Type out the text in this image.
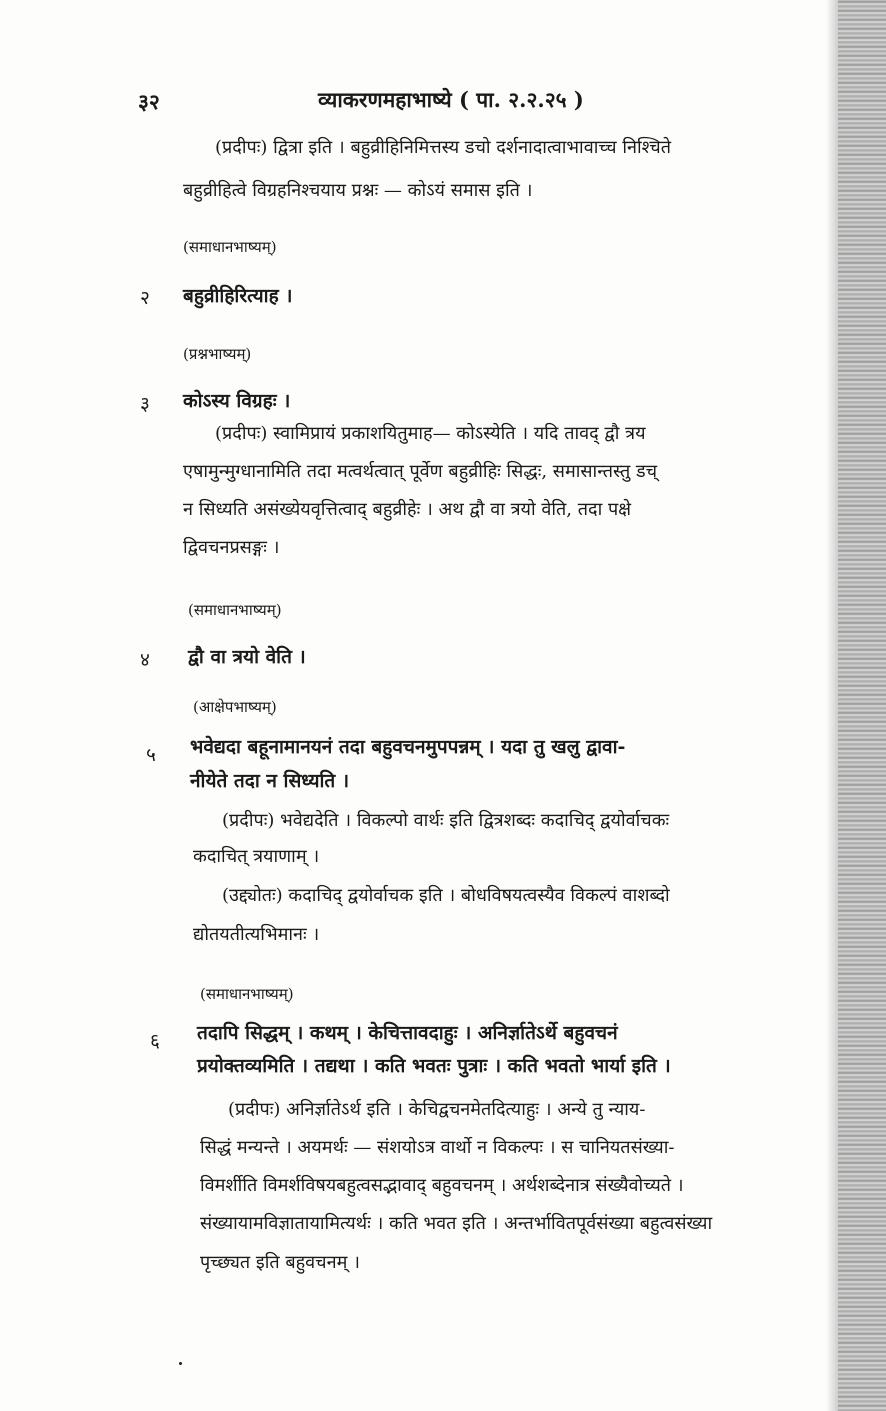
३२	व्याकरणमहाभाष्ये ( पा. २.२.२५ )
(प्रदीपः) द्वित्रा इति । बहुव्रीहिनिमित्तस्य डचो दर्शनादात्वाभावाच्च निश्चिते
बहुव्रीहित्वे विग्रहनिश्चयाय प्रश्नः — कोऽयं समास इति ।
(समाधानभाष्यम्)
२ बहुव्रीहिरित्याह ।
(प्रश्नभाष्यम्)
३ कोऽस्य विग्रहः ।
(प्रदीपः) स्वामिप्रायं प्रकाशयितुमाह— कोऽस्येति । यदि तावद् द्वौ त्रय
एषामुन्मुग्धानामिति तदा मत्वर्थत्वात् पूर्वेण बहुव्रीहिः सिद्धः, समासान्तस्तु डच्
न सिध्यति असंख्येयवृत्तित्वाद् बहुव्रीहेः । अथ द्वौ वा त्रयो वेति, तदा पक्षे
द्विवचनप्रसङ्गः ।
(समाधानभाष्यम्)
४ द्वौ वा त्रयो वेति ।
(आक्षेपभाष्यम्)
५ भवेद्यदा बहूनामानयनं तदा बहुवचनमुपपन्नम् । यदा तु खलु द्वावा-
नीयेते तदा न सिध्यति ।
(प्रदीपः) भवेद्यदेति । विकल्पो वार्थः इति द्वित्रशब्दः कदाचिद् द्वयोर्वाचकः
कदाचित् त्रयाणाम् ।
(उद्द्योतः) कदाचिद् द्वयोर्वाचक इति । बोधविषयत्वस्यैव विकल्पं वाशब्दो
द्योतयतीत्यभिमानः ।
(समाधानभाष्यम्)
६ तदापि सिद्धम् । कथम् । केचित्तावदाहुः । अनिर्ज्ञातेऽर्थे बहुवचनं
प्रयोक्तव्यमिति । तद्यथा । कति भवतः पुत्राः । कति भवतो भार्या इति ।
(प्रदीपः) अनिर्ज्ञातेऽर्थ इति । केचिद्वचनमेतदित्याहुः । अन्ये तु न्याय-
सिद्धं मन्यन्ते । अयमर्थः — संशयोऽत्र वार्थो न विकल्पः । स चानियतसंख्या-
विमर्शीति विमर्शविषयबहुत्वसद्भावाद् बहुवचनम् । अर्थशब्देनात्र संख्यैवोच्यते ।
संख्यायामविज्ञातायामित्यर्थः । कति भवत इति । अन्तर्भावितपूर्वसंख्या बहुत्वसंख्या
पृच्छ्यत इति बहुवचनम् ।
